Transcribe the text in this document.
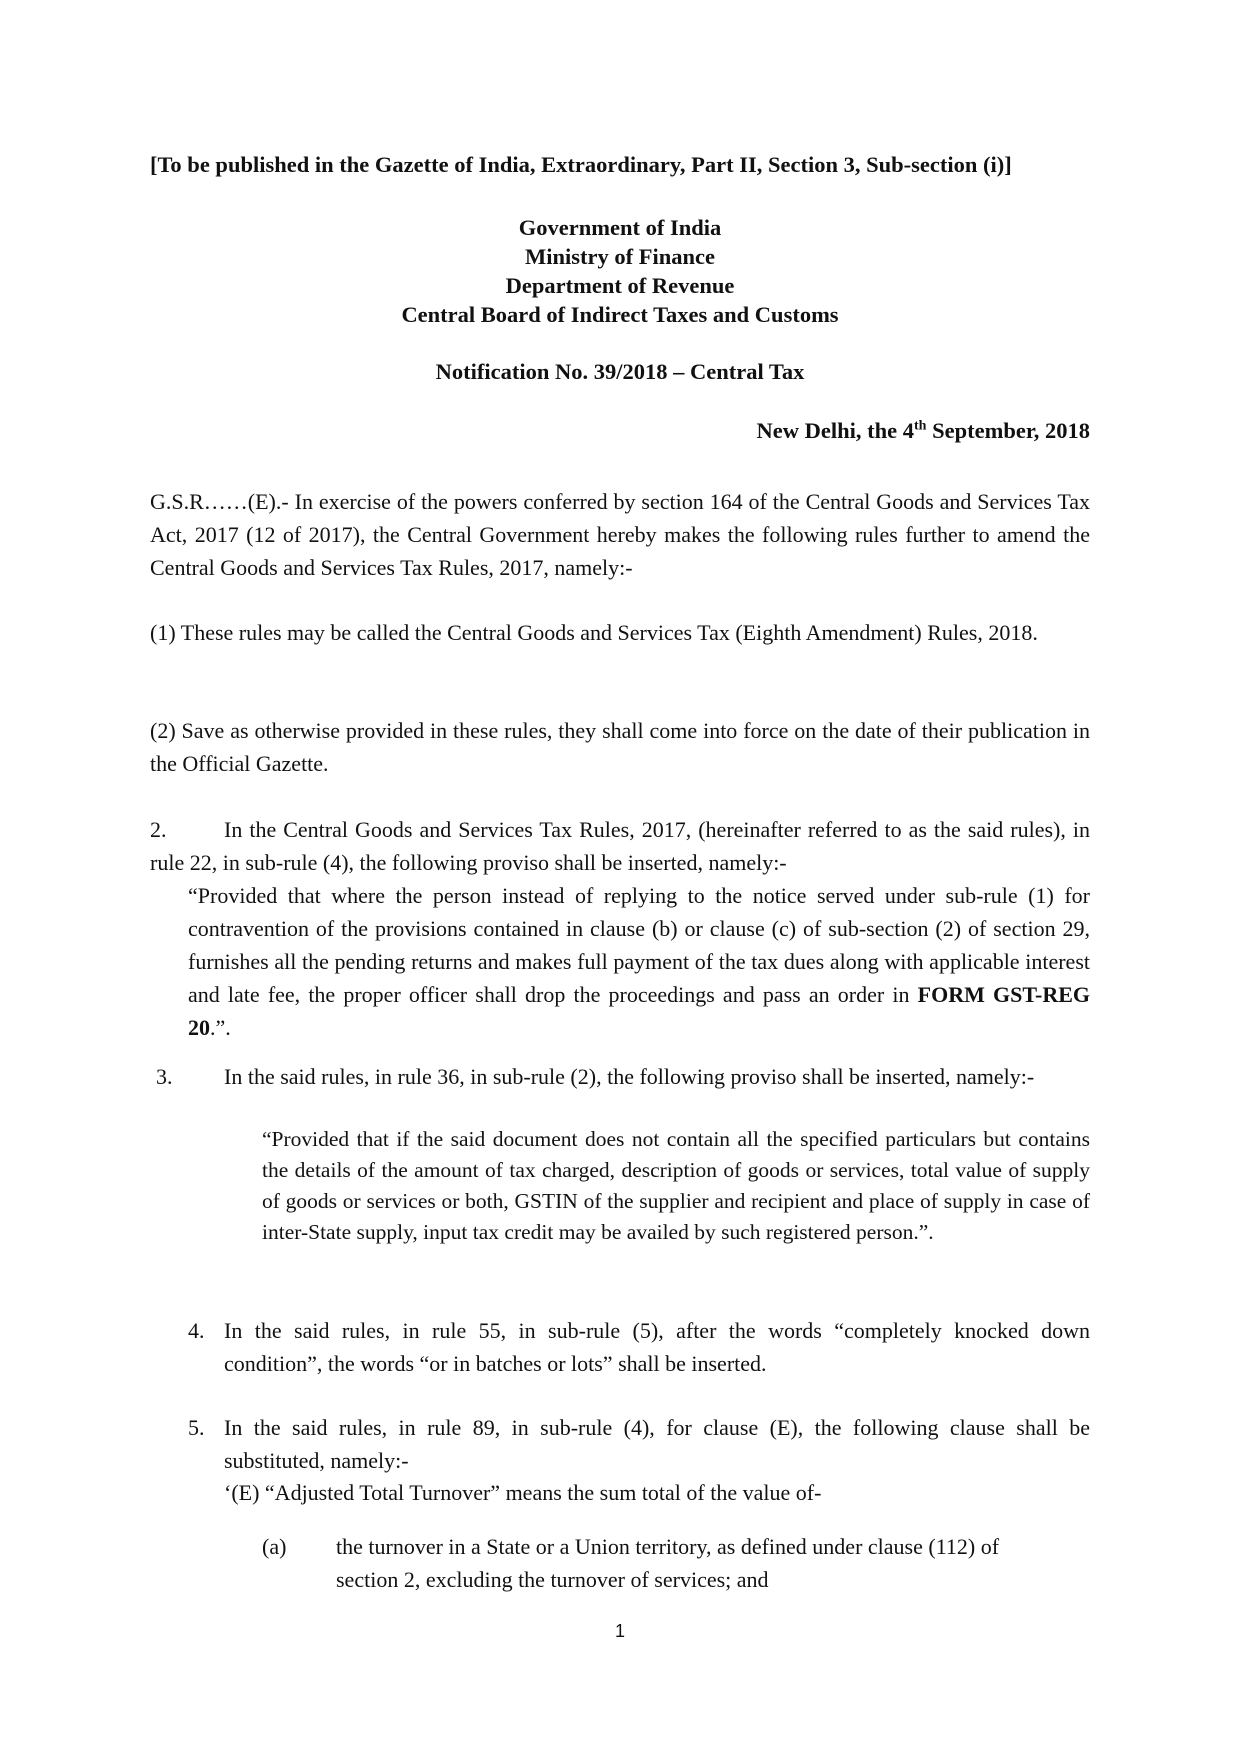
[To be published in the Gazette of India, Extraordinary, Part II, Section 3, Sub-section (i)]
Government of India
Ministry of Finance
Department of Revenue
Central Board of Indirect Taxes and Customs
Notification No. 39/2018 – Central Tax
New Delhi, the 4th September, 2018
G.S.R……(E).- In exercise of the powers conferred by section 164 of the Central Goods and Services Tax Act, 2017 (12 of 2017), the Central Government hereby makes the following rules further to amend the Central Goods and Services Tax Rules, 2017, namely:-
(1) These rules may be called the Central Goods and Services Tax (Eighth Amendment) Rules, 2018.
(2) Save as otherwise provided in these rules, they shall come into force on the date of their publication in the Official Gazette.
2.	In the Central Goods and Services Tax Rules, 2017, (hereinafter referred to as the said rules), in rule 22, in sub-rule (4), the following proviso shall be inserted, namely:-
“Provided that where the person instead of replying to the notice served under sub-rule (1) for contravention of the provisions contained in clause (b) or clause (c) of sub-section (2) of section 29, furnishes all the pending returns and makes full payment of the tax dues along with applicable interest and late fee, the proper officer shall drop the proceedings and pass an order in FORM GST-REG 20.”.
3. In the said rules, in rule 36, in sub-rule (2), the following proviso shall be inserted, namely:-
“Provided that if the said document does not contain all the specified particulars but contains the details of the amount of tax charged, description of goods or services, total value of supply of goods or services or both, GSTIN of the supplier and recipient and place of supply in case of inter-State supply, input tax credit may be availed by such registered person.”.
4. In the said rules, in rule 55, in sub-rule (5), after the words “completely knocked down condition”, the words “or in batches or lots” shall be inserted.
5. In the said rules, in rule 89, in sub-rule (4), for clause (E), the following clause shall be substituted, namely:-
‘(E) “Adjusted Total Turnover” means the sum total of the value of-
(a) the turnover in a State or a Union territory, as defined under clause (112) of section 2, excluding the turnover of services; and
1
